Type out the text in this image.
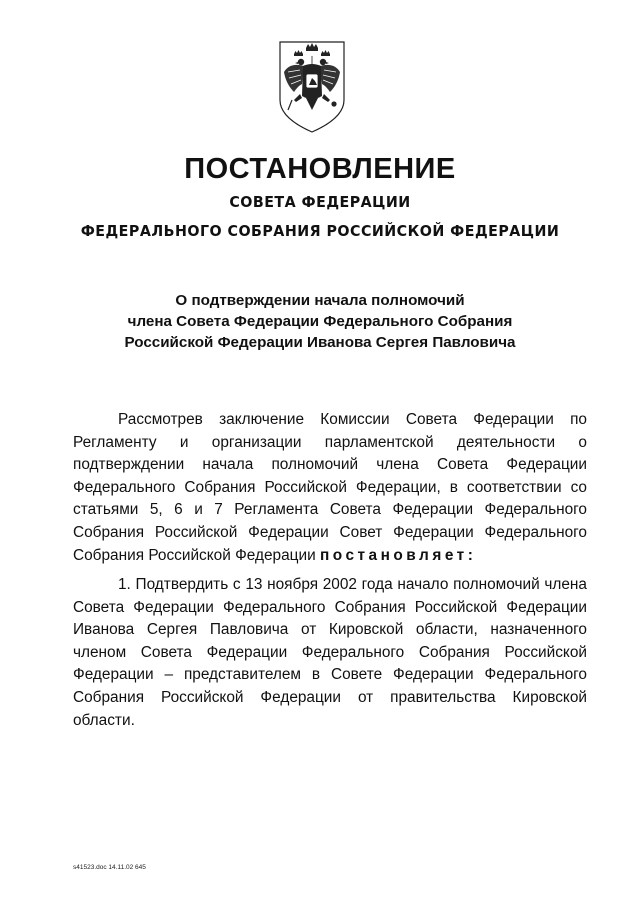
ПОСТАНОВЛЕНИЕ
СОВЕТА ФЕДЕРАЦИИ
ФЕДЕРАЛЬНОГО СОБРАНИЯ РОССИЙСКОЙ ФЕДЕРАЦИИ
О подтверждении начала полномочий
члена Совета Федерации Федерального Собрания
Российской Федерации Иванова Сергея Павловича

Рассмотрев заключение Комиссии Совета Федерации по Регламенту и организации парламентской деятельности о подтверждении начала полномочий члена Совета Федерации Федерального Собрания Российской Федерации, в соответствии со статьями 5, 6 и 7 Регламента Совета Федерации Федерального Собрания Российской Федерации Совет Федерации Федерального Собрания Российской Федерации постановляет:

1. Подтвердить с 13 ноября 2002 года начало полномочий члена Совета Федерации Федерального Собрания Российской Федерации Иванова Сергея Павловича от Кировской области, назначенного членом Совета Федерации Федерального Собрания Российской Федерации – представителем в Совете Федерации Федерального Собрания Российской Федерации от правительства Кировской области.

s41523.doc 14.11.02 645
